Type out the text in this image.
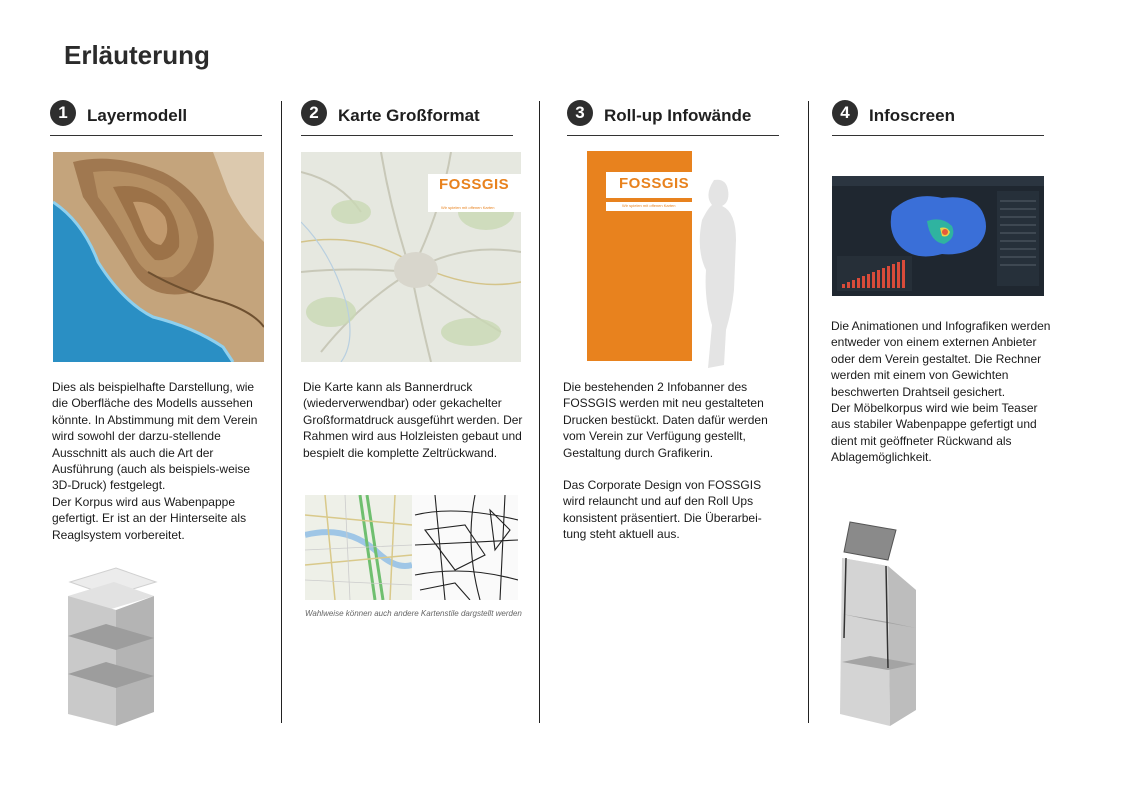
Erläuterung
1	Layermodell

Dies als beispielhafte Darstellung, wie die Oberfläche des Modells aussehen könnte. In Abstimmung mit dem Verein wird sowohl der darzu-stellende Ausschnitt als auch die Art der Ausführung (auch als beispiels-weise 3D-Druck) festgelegt.

Der Korpus wird aus Wabenpappe gefertigt. Er ist an der Hinterseite als Reaglsystem vorbereitet.

2	Karte Großformat
FOSSGIS
Wir spielen mit offenen Karten

Die Karte kann als Bannerdruck (wiederverwendbar) oder gekachelter Großformatdruck ausgeführt werden. Der Rahmen wird aus Holzleisten gebaut und bespielt die komplette Zeltrückwand.

Wahlweise können auch andere Kartenstile dargstellt werden
3	Roll-up Infowände
FOSSGIS
Wir spielen mit offenen Karten

Die bestehenden 2 Infobanner des FOSSGIS werden mit neu gestalteten Drucken bestückt. Daten dafür werden vom Verein zur Verfügung gestellt, Gestaltung durch Grafikerin.

Das Corporate Design von FOSSGIS wird relauncht und auf den Roll Ups konsistent präsentiert. Die Überarbei-tung steht aktuell aus.

4	Infoscreen

Die Animationen und Infografiken werden entweder von einem externen Anbieter oder dem Verein gestaltet. Die Rechner werden mit einem von Gewichten beschwerten Drahtseil gesichert.

Der Möbelkorpus wird wie beim Teaser aus stabiler Wabenpappe gefertigt und dient mit geöffneter Rückwand als Ablagemöglichkeit.
